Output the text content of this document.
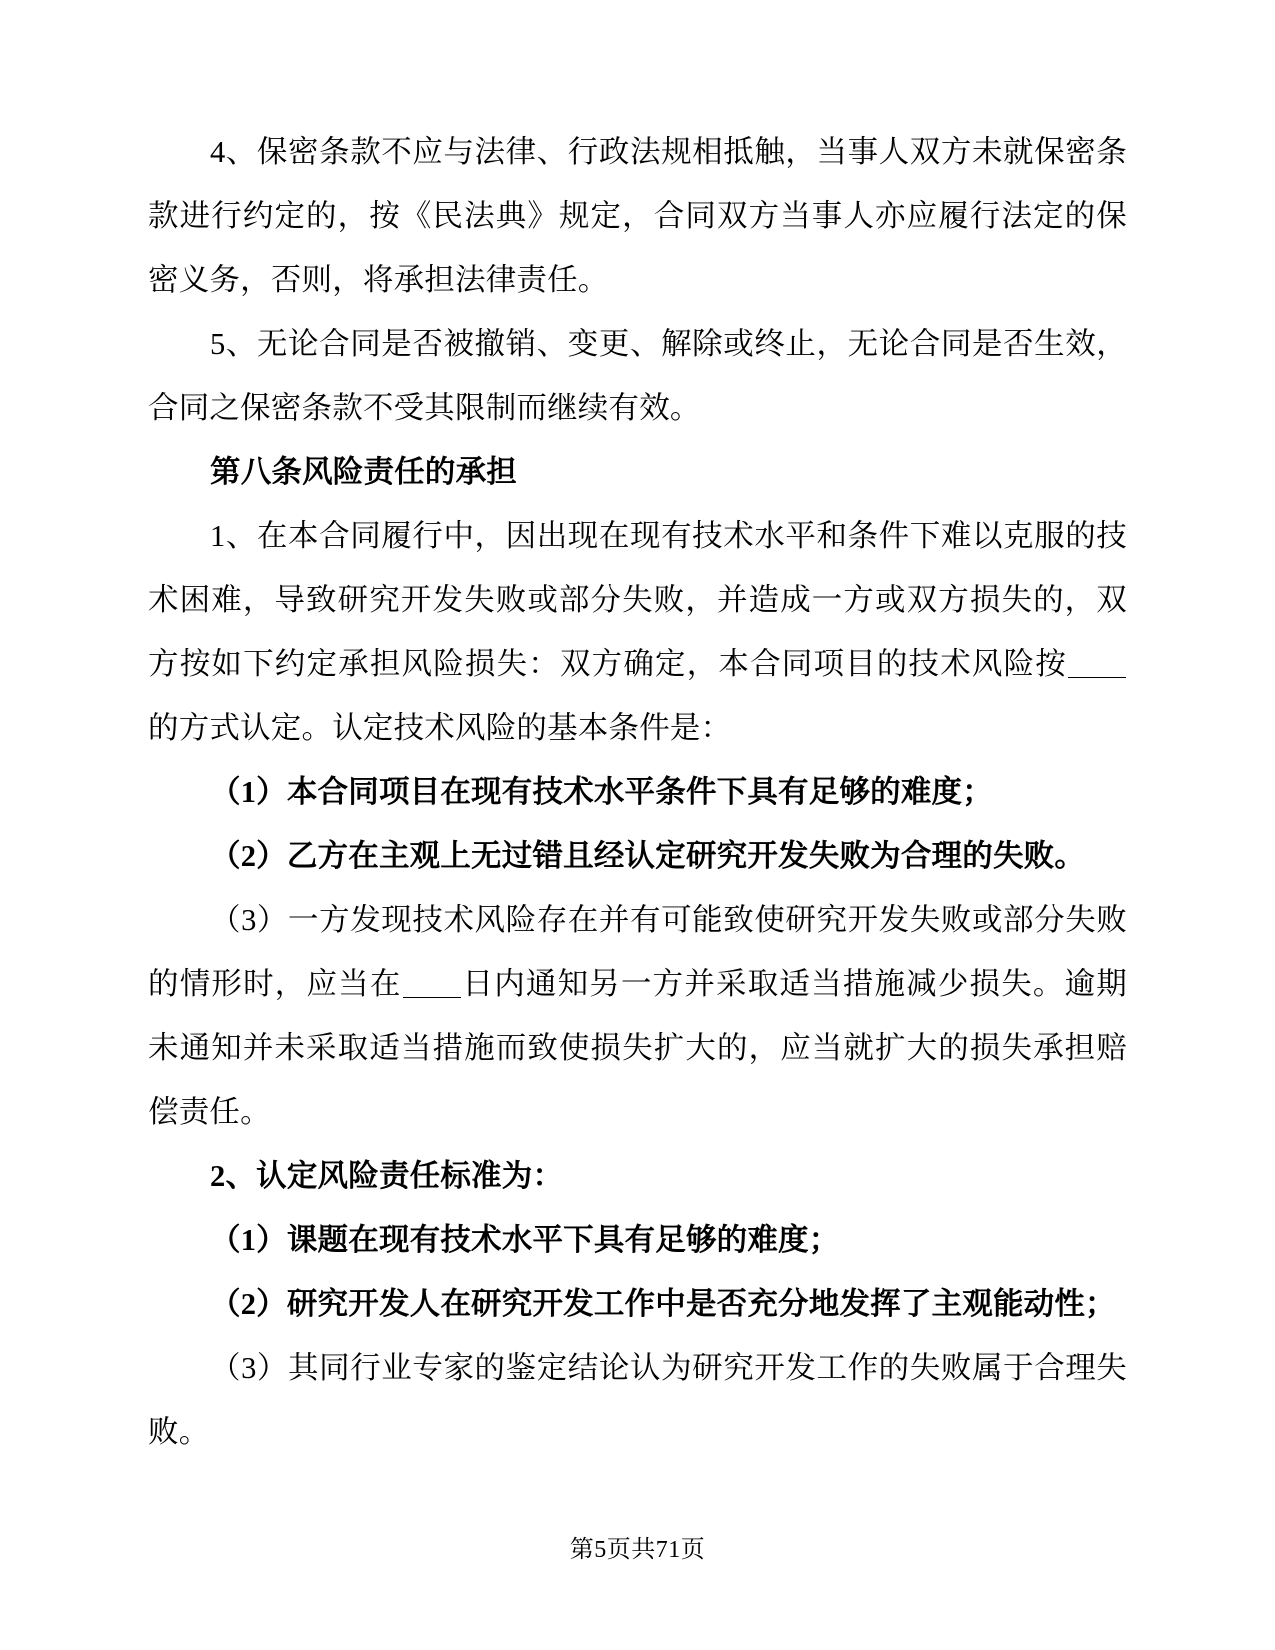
4、保密条款不应与法律、行政法规相抵触，当事人双方未就保密条款进行约定的，按《民法典》规定，合同双方当事人亦应履行法定的保密义务，否则，将承担法律责任。

5、无论合同是否被撤销、变更、解除或终止，无论合同是否生效，合同之保密条款不受其限制而继续有效。

第八条风险责任的承担

1、在本合同履行中，因出现在现有技术水平和条件下难以克服的技术困难，导致研究开发失败或部分失败，并造成一方或双方损失的，双方按如下约定承担风险损失：双方确定，本合同项目的技术风险按的方式认定。认定技术风险的基本条件是：

（1）本合同项目在现有技术水平条件下具有足够的难度；

（2）乙方在主观上无过错且经认定研究开发失败为合理的失败。

（3）一方发现技术风险存在并有可能致使研究开发失败或部分失败的情形时，应当在 日内通知另一方并采取适当措施减少损失。逾期未通知并未采取适当措施而致使损失扩大的，应当就扩大的损失承担赔偿责任。

2、认定风险责任标准为：

（1）课题在现有技术水平下具有足够的难度；

（2）研究开发人在研究开发工作中是否充分地发挥了主观能动性；

（3）其同行业专家的鉴定结论认为研究开发工作的失败属于合理失败。

第5页共71页
